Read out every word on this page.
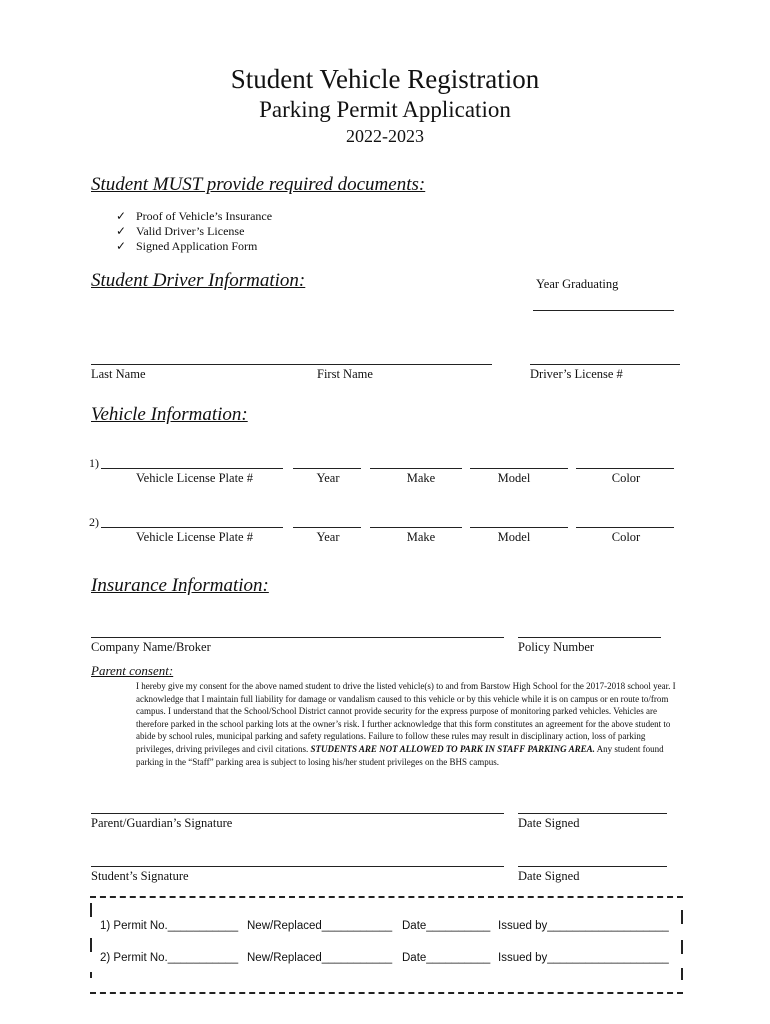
Student Vehicle Registration
Parking Permit Application
2022-2023
Student MUST provide required documents:
✓ Proof of Vehicle’s Insurance
✓ Valid Driver’s License
✓ Signed Application Form
Student Driver Information:	Year Graduating
Last Name	First Name	Driver’s License #
Vehicle Information:
1)
Vehicle License Plate #	Year	Make	Model	Color
2)
Vehicle License Plate #	Year	Make	Model	Color
Insurance Information:
Company Name/Broker	Policy Number
Parent consent:
I hereby give my consent for the above named student to drive the listed vehicle(s) to and from Barstow High School for the 2017-2018 school year. I acknowledge that I maintain full liability for damage or vandalism caused to this vehicle or by this vehicle while it is on campus or en route to/from campus. I understand that the School/School District cannot provide security for the express purpose of monitoring parked vehicles. Vehicles are therefore parked in the school parking lots at the owner’s risk. I further acknowledge that this form constitutes an agreement for the above student to abide by school rules, municipal parking and safety regulations. Failure to follow these rules may result in disciplinary action, loss of parking privileges, driving privileges and civil citations. STUDENTS ARE NOT ALLOWED TO PARK IN STAFF PARKING AREA. Any student found parking in the “Staff” parking area is subject to losing his/her student privileges on the BHS campus.
Parent/Guardian’s Signature	Date Signed
Student’s Signature	Date Signed
1) Permit No.___________ New/Replaced___________ Date__________ Issued by___________________
2) Permit No.___________ New/Replaced___________ Date__________ Issued by___________________
